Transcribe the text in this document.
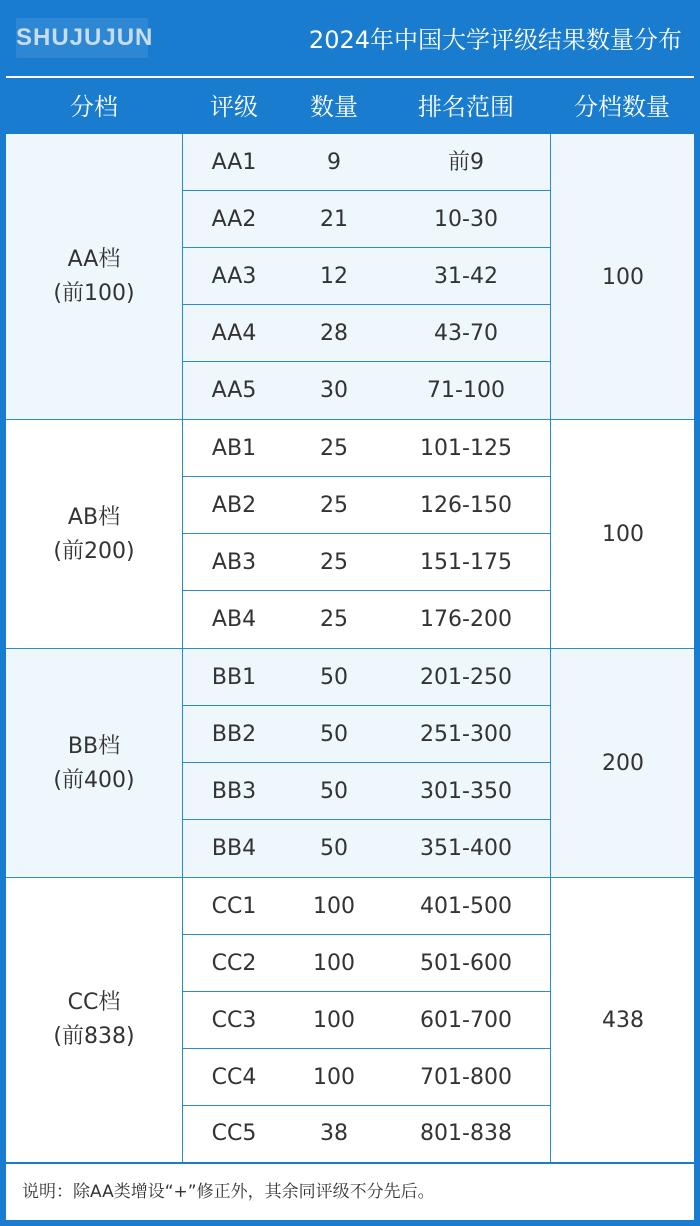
SHUJUJUN	2024年中国大学评级结果数量分布
分档	评级	数量	排名范围	分档数量
AA档
(前100)
AA1	9	前9
AA2	21	10-30
AA3	12	31-42
AA4	28	43-70
AA5	30	71-100
100
AB档
(前200)
AB1	25	101-125
AB2	25	126-150
AB3	25	151-175
AB4	25	176-200
100
BB档
(前400)
BB1	50	201-250
BB2	50	251-300
BB3	50	301-350
BB4	50	351-400
200
CC档
(前838)
CC1	100	401-500
CC2	100	501-600
CC3	100	601-700
CC4	100	701-800
CC5	38	801-838
438
说明：除AA类增设“+”修正外，其余同评级不分先后。
